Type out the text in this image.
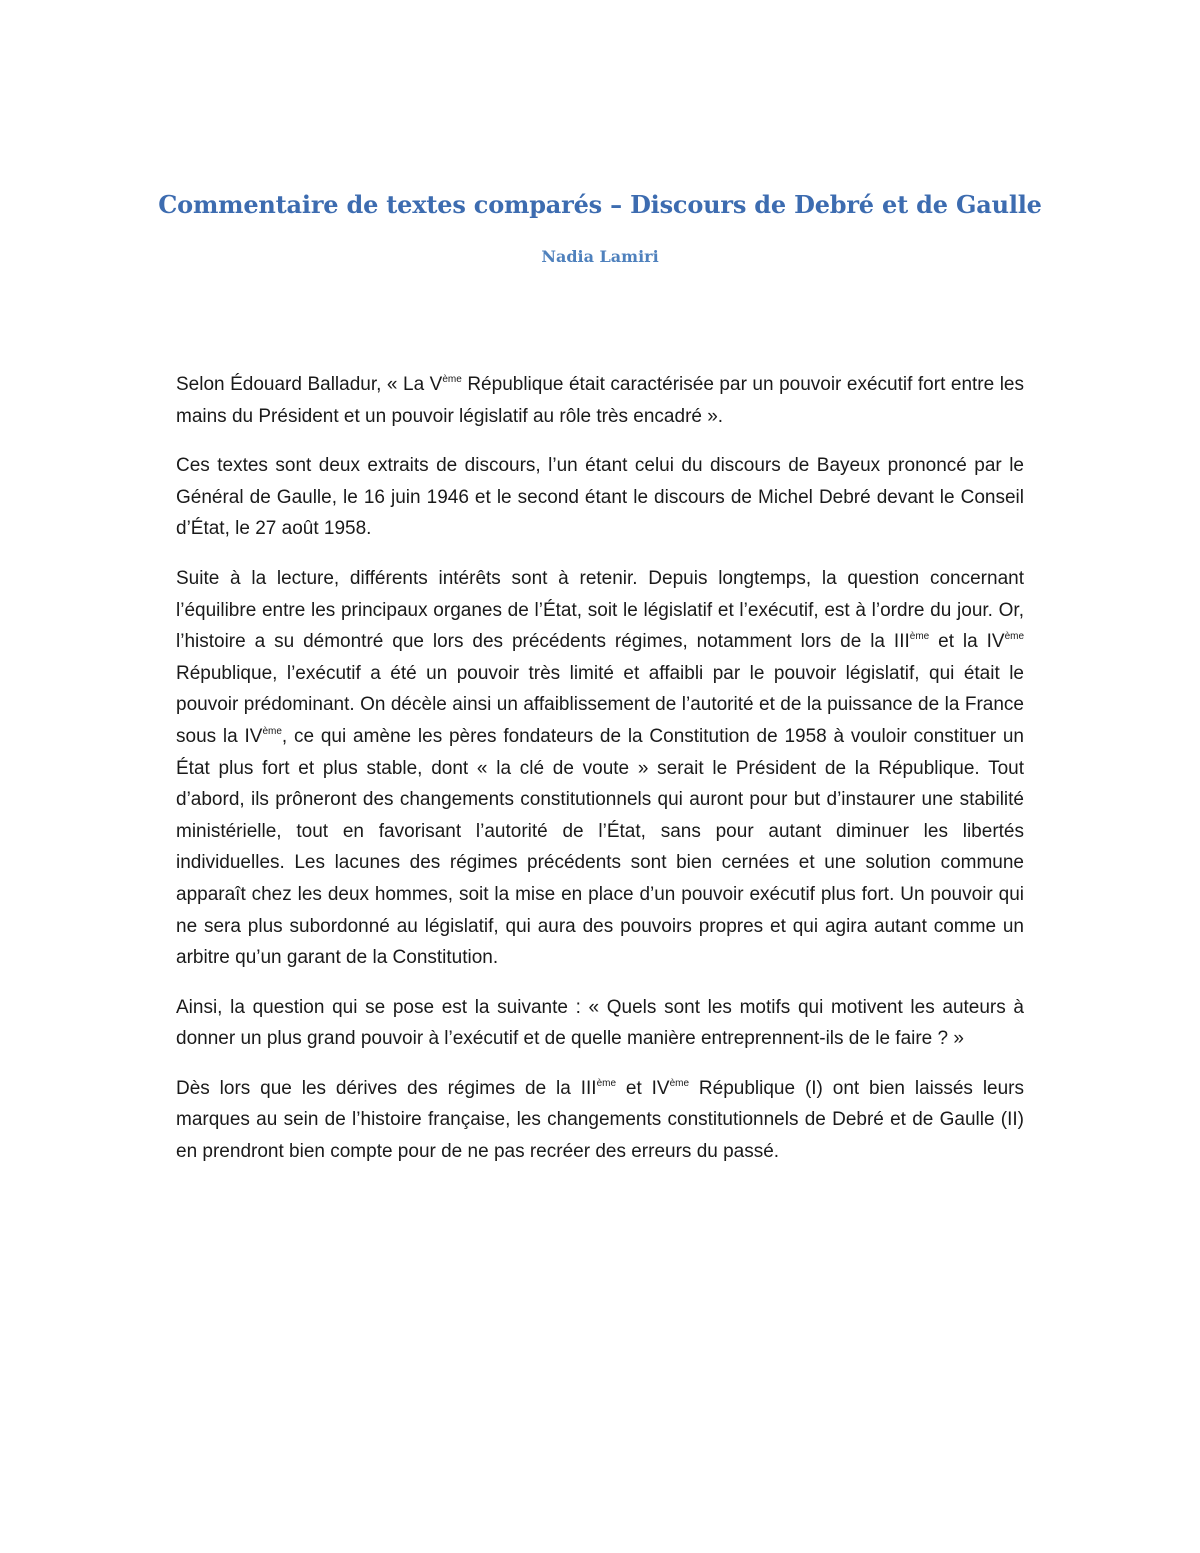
Commentaire de textes comparés – Discours de Debré et de Gaulle
Nadia Lamiri

Selon Édouard Balladur, « La Vème République était caractérisée par un pouvoir exécutif fort entre les mains du Président et un pouvoir législatif au rôle très encadré ».

Ces textes sont deux extraits de discours, l’un étant celui du discours de Bayeux prononcé par le Général de Gaulle, le 16 juin 1946 et le second étant le discours de Michel Debré devant le Conseil d’État, le 27 août 1958.

Suite à la lecture, différents intérêts sont à retenir. Depuis longtemps, la question concernant l’équilibre entre les principaux organes de l’État, soit le législatif et l’exécutif, est à l’ordre du jour. Or, l’histoire a su démontré que lors des précédents régimes, notamment lors de la IIIème et la IVème République, l’exécutif a été un pouvoir très limité et affaibli par le pouvoir législatif, qui était le pouvoir prédominant. On décèle ainsi un affaiblissement de l’autorité et de la puissance de la France sous la IVème, ce qui amène les pères fondateurs de la Constitution de 1958 à vouloir constituer un État plus fort et plus stable, dont « la clé de voute » serait le Président de la République. Tout d’abord, ils prôneront des changements constitutionnels qui auront pour but d’instaurer une stabilité ministérielle, tout en favorisant l’autorité de l’État, sans pour autant diminuer les libertés individuelles. Les lacunes des régimes précédents sont bien cernées et une solution commune apparaît chez les deux hommes, soit la mise en place d’un pouvoir exécutif plus fort. Un pouvoir qui ne sera plus subordonné au législatif, qui aura des pouvoirs propres et qui agira autant comme un arbitre qu’un garant de la Constitution.

Ainsi, la question qui se pose est la suivante : « Quels sont les motifs qui motivent les auteurs à donner un plus grand pouvoir à l’exécutif et de quelle manière entreprennent-ils de le faire ? »

Dès lors que les dérives des régimes de la IIIème et IVème République (I) ont bien laissés leurs marques au sein de l’histoire française, les changements constitutionnels de Debré et de Gaulle (II) en prendront bien compte pour de ne pas recréer des erreurs du passé.
